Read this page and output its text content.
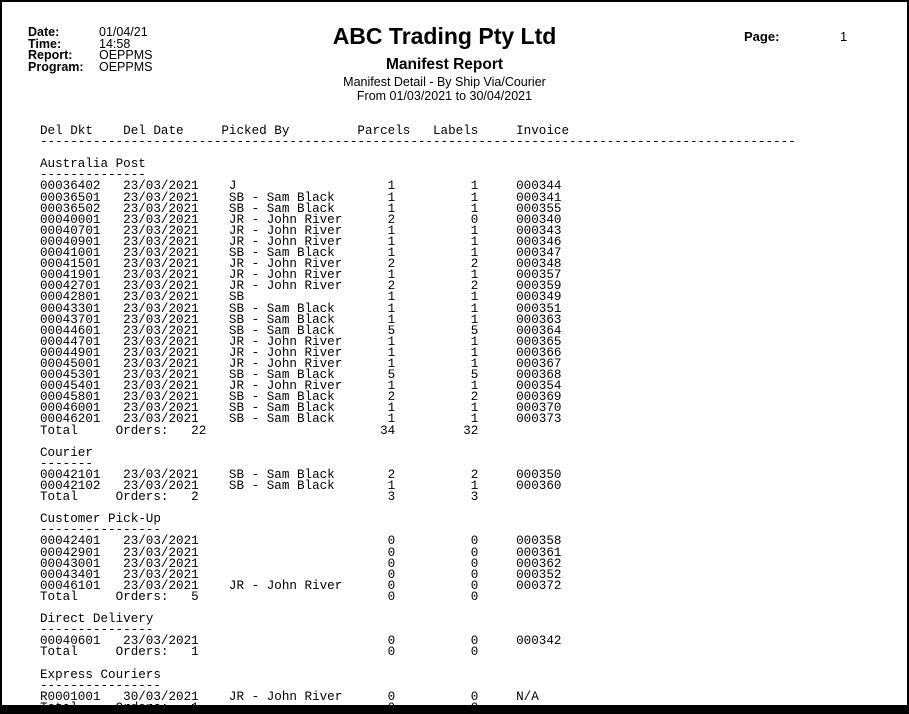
Date:	01/04/21
Time:	14:58
Report:	OEPPMS
Program:	OEPPMS
ABC Trading Pty Ltd
Manifest Report
Manifest Detail - By Ship Via/Courier
From 01/03/2021 to 30/04/2021
Page:	1
Del Dkt    Del Date     Picked By         Parcels   Labels     Invoice
----------------------------------------------------------------------------------------------------

Australia Post
--------------
00036402   23/03/2021    J                    1          1     000344
00036501   23/03/2021    SB - Sam Black       1          1     000341
00036502   23/03/2021    SB - Sam Black       1          1     000355
00040001   23/03/2021    JR - John River      2          0     000340
00040701   23/03/2021    JR - John River      1          1     000343
00040901   23/03/2021    JR - John River      1          1     000346
00041001   23/03/2021    SB - Sam Black       1          1     000347
00041501   23/03/2021    JR - John River      2          2     000348
00041901   23/03/2021    JR - John River      1          1     000357
00042701   23/03/2021    JR - John River      2          2     000359
00042801   23/03/2021    SB                   1          1     000349
00043301   23/03/2021    SB - Sam Black       1          1     000351
00043701   23/03/2021    SB - Sam Black       1          1     000363
00044601   23/03/2021    SB - Sam Black       5          5     000364
00044701   23/03/2021    JR - John River      1          1     000365
00044901   23/03/2021    JR - John River      1          1     000366
00045001   23/03/2021    JR - John River      1          1     000367
00045301   23/03/2021    SB - Sam Black       5          5     000368
00045401   23/03/2021    JR - John River      1          1     000354
00045801   23/03/2021    SB - Sam Black       2          2     000369
00046001   23/03/2021    SB - Sam Black       1          1     000370
00046201   23/03/2021    SB - Sam Black       1          1     000373
Total     Orders:   22                       34         32

Courier
-------
00042101   23/03/2021    SB - Sam Black       2          2     000350
00042102   23/03/2021    SB - Sam Black       1          1     000360
Total     Orders:   2                         3          3

Customer Pick-Up
----------------
00042401   23/03/2021                         0          0     000358
00042901   23/03/2021                         0          0     000361
00043001   23/03/2021                         0          0     000362
00043401   23/03/2021                         0          0     000352
00046101   23/03/2021    JR - John River      0          0     000372
Total     Orders:   5                         0          0

Direct Delivery
---------------
00040601   23/03/2021                         0          0     000342
Total     Orders:   1                         0          0

Express Couriers
----------------
R0001001   30/03/2021    JR - John River      0          0     N/A
